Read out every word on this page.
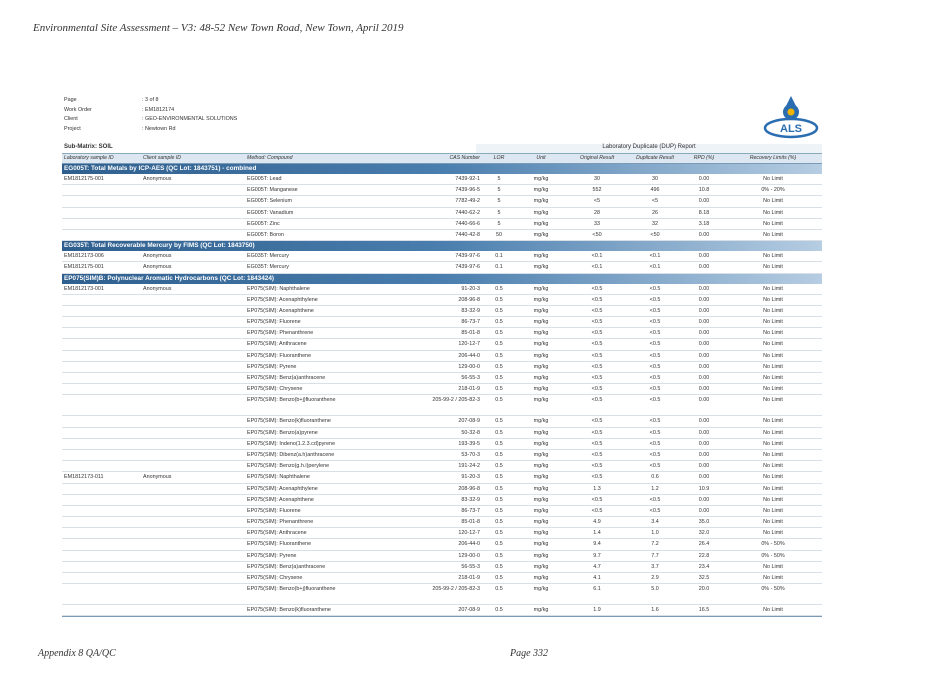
Environmental Site Assessment – V3: 48-52 New Town Road, New Town, April 2019
Page	: 3 of 8
Work Order	: EM1812174
Client	: GEO-ENVIRONMENTAL SOLUTIONS
Project	: Newtown Rd	ALS
Sub-Matrix: SOIL	Laboratory Duplicate (DUP) Report
Laboratory sample ID	Client sample ID	Method: Compound	CAS Number	LOR	Unit	Original Result	Duplicate Result	RPD (%)	Recovery Limits (%)
EG005T: Total Metals by ICP-AES (QC Lot: 1843751) - combined
EM1812175-001	Anonymous	EG005T: Lead	7439-92-1	5	mg/kg	30	30	0.00	No Limit
EG005T: Manganese	7439-96-5	5	mg/kg	552	496	10.8	0% - 20%
EG005T: Selenium	7782-49-2	5	mg/kg	<5	<5	0.00	No Limit
EG005T: Vanadium	7440-62-2	5	mg/kg	28	26	8.18	No Limit
EG005T: Zinc	7440-66-6	5	mg/kg	33	32	3.18	No Limit
EG005T: Boron	7440-42-8	50	mg/kg	<50	<50	0.00	No Limit
EG035T: Total Recoverable Mercury by FIMS (QC Lot: 1843750)
EM1812173-006	Anonymous	EG035T: Mercury	7439-97-6	0.1	mg/kg	<0.1	<0.1	0.00	No Limit
EM1812175-001	Anonymous	EG035T: Mercury	7439-97-6	0.1	mg/kg	<0.1	<0.1	0.00	No Limit
EP075(SIM)B: Polynuclear Aromatic Hydrocarbons (QC Lot: 1843424)
EM1812173-001	Anonymous	EP075(SIM): Naphthalene	91-20-3	0.5	mg/kg	<0.5	<0.5	0.00	No Limit
EP075(SIM): Acenaphthylene	208-96-8	0.5	mg/kg	<0.5	<0.5	0.00	No Limit
EP075(SIM): Acenaphthene	83-32-9	0.5	mg/kg	<0.5	<0.5	0.00	No Limit
EP075(SIM): Fluorene	86-73-7	0.5	mg/kg	<0.5	<0.5	0.00	No Limit
EP075(SIM): Phenanthrene	85-01-8	0.5	mg/kg	<0.5	<0.5	0.00	No Limit
EP075(SIM): Anthracene	120-12-7	0.5	mg/kg	<0.5	<0.5	0.00	No Limit
EP075(SIM): Fluoranthene	206-44-0	0.5	mg/kg	<0.5	<0.5	0.00	No Limit
EP075(SIM): Pyrene	129-00-0	0.5	mg/kg	<0.5	<0.5	0.00	No Limit
EP075(SIM): Benz(a)anthracene	56-55-3	0.5	mg/kg	<0.5	<0.5	0.00	No Limit
EP075(SIM): Chrysene	218-01-9	0.5	mg/kg	<0.5	<0.5	0.00	No Limit
EP075(SIM): Benzo(b+j)fluoranthene	205-99-2 / 205-82-3	0.5	mg/kg	<0.5	<0.5	0.00	No Limit
EP075(SIM): Benzo(k)fluoranthene	207-08-9	0.5	mg/kg	<0.5	<0.5	0.00	No Limit
EP075(SIM): Benzo(a)pyrene	50-32-8	0.5	mg/kg	<0.5	<0.5	0.00	No Limit
EP075(SIM): Indeno(1.2.3.cd)pyrene	193-39-5	0.5	mg/kg	<0.5	<0.5	0.00	No Limit
EP075(SIM): Dibenz(a.h)anthracene	53-70-3	0.5	mg/kg	<0.5	<0.5	0.00	No Limit
EP075(SIM): Benzo(g.h.i)perylene	191-24-2	0.5	mg/kg	<0.5	<0.5	0.00	No Limit
EM1812173-011	Anonymous	EP075(SIM): Naphthalene	91-20-3	0.5	mg/kg	<0.5	0.6	0.00	No Limit
EP075(SIM): Acenaphthylene	208-96-8	0.5	mg/kg	1.3	1.2	10.9	No Limit
EP075(SIM): Acenaphthene	83-32-9	0.5	mg/kg	<0.5	<0.5	0.00	No Limit
EP075(SIM): Fluorene	86-73-7	0.5	mg/kg	<0.5	<0.5	0.00	No Limit
EP075(SIM): Phenanthrene	85-01-8	0.5	mg/kg	4.9	3.4	35.0	No Limit
EP075(SIM): Anthracene	120-12-7	0.5	mg/kg	1.4	1.0	32.0	No Limit
EP075(SIM): Fluoranthene	206-44-0	0.5	mg/kg	9.4	7.2	26.4	0% - 50%
EP075(SIM): Pyrene	129-00-0	0.5	mg/kg	9.7	7.7	22.8	0% - 50%
EP075(SIM): Benz(a)anthracene	56-55-3	0.5	mg/kg	4.7	3.7	23.4	No Limit
EP075(SIM): Chrysene	218-01-9	0.5	mg/kg	4.1	2.9	32.5	No Limit
EP075(SIM): Benzo(b+j)fluoranthene	205-99-2 / 205-82-3	0.5	mg/kg	6.1	5.0	20.0	0% - 50%
EP075(SIM): Benzo(k)fluoranthene	207-08-9	0.5	mg/kg	1.9	1.6	16.5	No Limit
Appendix 8 QA/QC	Page 332
